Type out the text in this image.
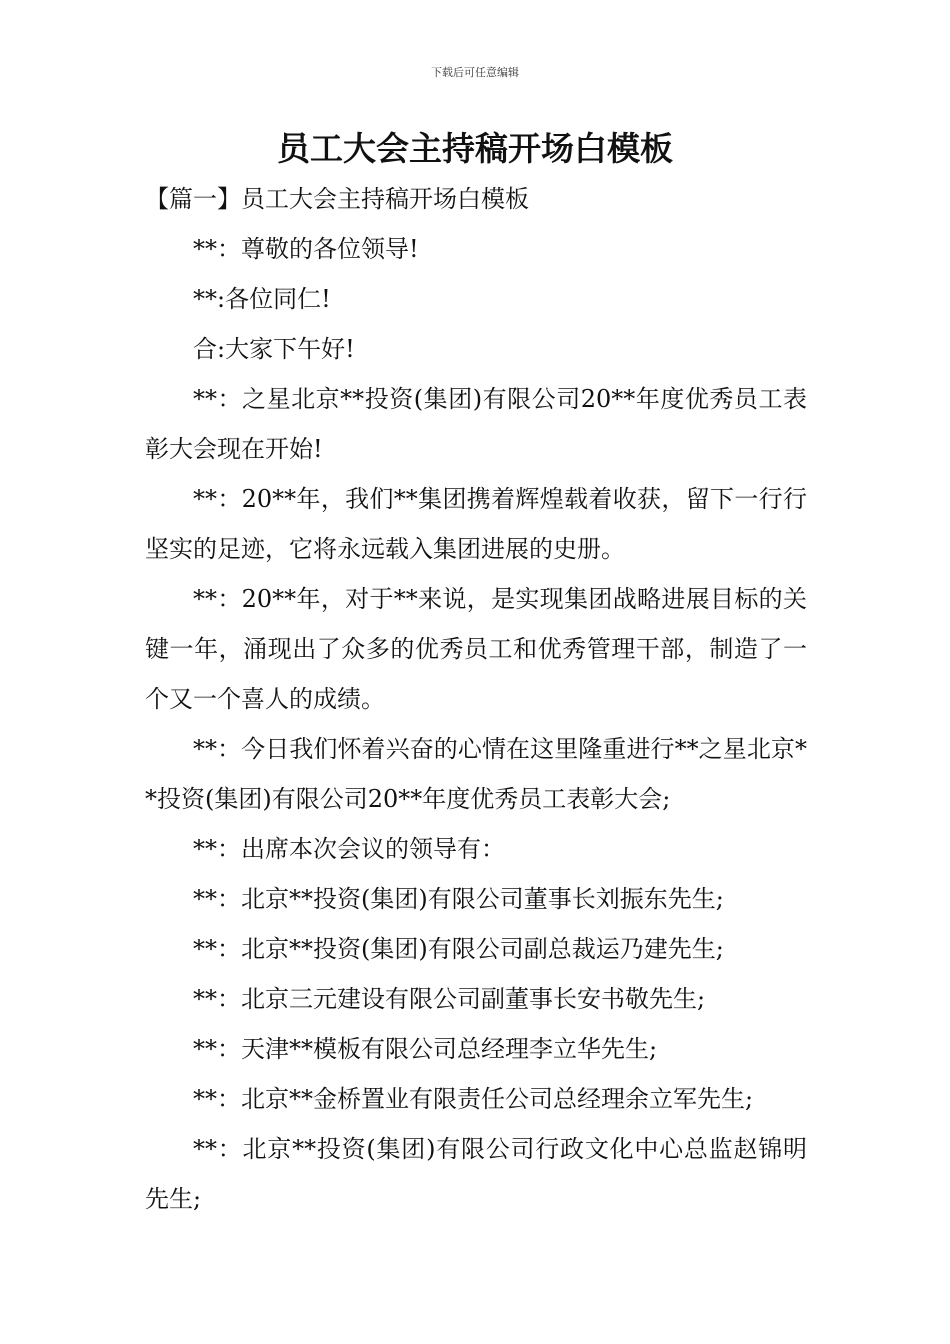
下载后可任意编辑
员工大会主持稿开场白模板

【篇一】员工大会主持稿开场白模板

**：尊敬的各位领导!

**:各位同仁!

合:大家下午好!

**：之星北京**投资(集团)有限公司20**年度优秀员工表彰大会现在开始!

**：20**年，我们**集团携着辉煌载着收获，留下一行行坚实的足迹，它将永远载入集团进展的史册。

**：20**年，对于**来说，是实现集团战略进展目标的关键一年，涌现出了众多的优秀员工和优秀管理干部，制造了一个又一个喜人的成绩。

**：今日我们怀着兴奋的心情在这里隆重进行**之星北京**投资(集团)有限公司20**年度优秀员工表彰大会;

**：出席本次会议的领导有：

**：北京**投资(集团)有限公司董事长刘振东先生;

**：北京**投资(集团)有限公司副总裁运乃建先生;

**：北京三元建设有限公司副董事长安书敬先生;

**：天津**模板有限公司总经理李立华先生;

**：北京**金桥置业有限责任公司总经理余立军先生;

**：北京**投资(集团)有限公司行政文化中心总监赵锦明先生;
